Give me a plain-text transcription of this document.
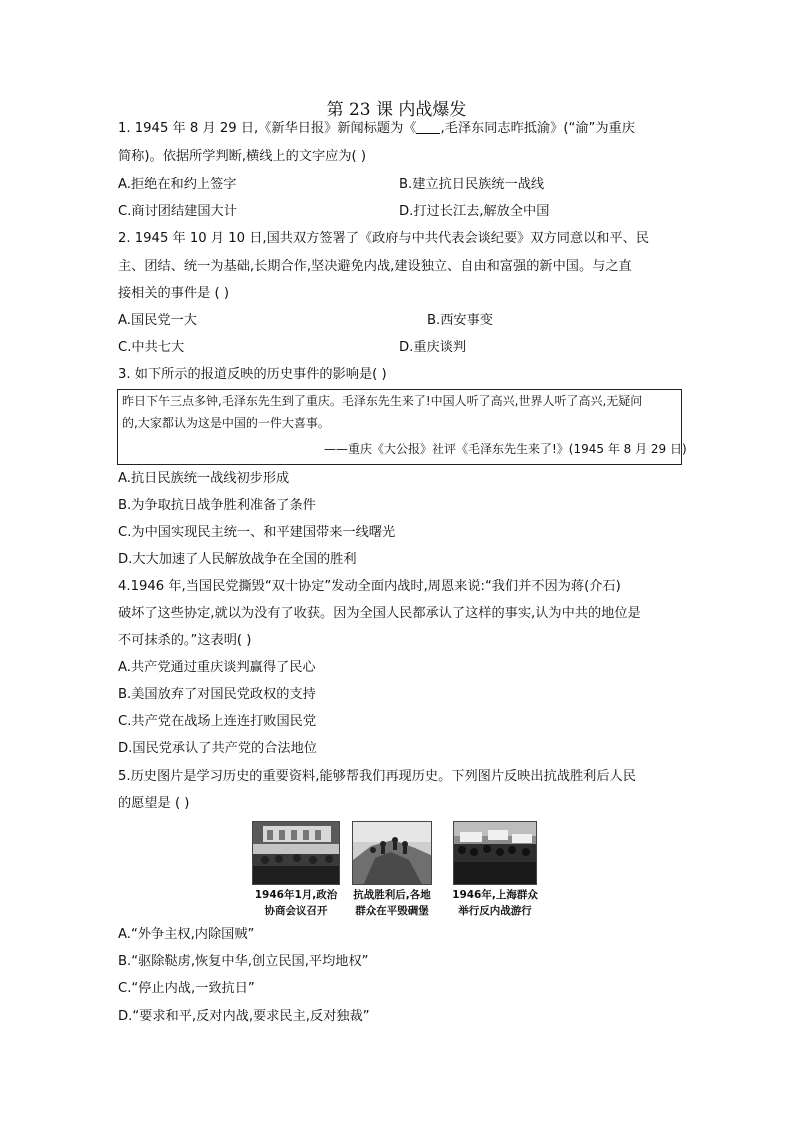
第 23 课 内战爆发
1. 1945 年 8 月 29 日,《新华日报》新闻标题为《 ,毛泽东同志昨抵渝》(“渝”为重庆
简称)。依据所学判断,横线上的文字应为( )
A.拒绝在和约上签字	B.建立抗日民族统一战线
C.商讨团结建国大计	D.打过长江去,解放全中国
2. 1945 年 10 月 10 日,国共双方签署了《政府与中共代表会谈纪要》双方同意以和平、民
主、团结、统一为基础,长期合作,坚决避免内战,建设独立、自由和富强的新中国。与之直
接相关的事件是 ( )
A.国民党一大	B.西安事变
C.中共七大	D.重庆谈判
3. 如下所示的报道反映的历史事件的影响是( )
昨日下午三点多钟,毛泽东先生到了重庆。毛泽东先生来了!中国人听了高兴,世界人听了高兴,无疑问
的,大家都认为这是中国的一件大喜事。
——重庆《大公报》社评《毛泽东先生来了!》(1945 年 8 月 29 日)
A.抗日民族统一战线初步形成
B.为争取抗日战争胜利准备了条件
C.为中国实现民主统一、和平建国带来一线曙光
D.大大加速了人民解放战争在全国的胜利
4.1946 年,当国民党撕毁“双十协定”发动全面内战时,周恩来说:“我们并不因为蒋(介石)
破坏了这些协定,就以为没有了收获。因为全国人民都承认了这样的事实,认为中共的地位是
不可抹杀的。”这表明( )
A.共产党通过重庆谈判赢得了民心
B.美国放弃了对国民党政权的支持
C.共产党在战场上连连打败国民党
D.国民党承认了共产党的合法地位
5.历史图片是学习历史的重要资料,能够帮我们再现历史。下列图片反映出抗战胜利后人民
的愿望是 ( )
1946年1月,政治
协商会议召开
抗战胜利后,各地
群众在平毁碉堡
1946年,上海群众
举行反内战游行
A.“外争主权,内除国贼”
B.“驱除鞑虏,恢复中华,创立民国,平均地权”
C.“停止内战,一致抗日”
D.“要求和平,反对内战,要求民主,反对独裁”
